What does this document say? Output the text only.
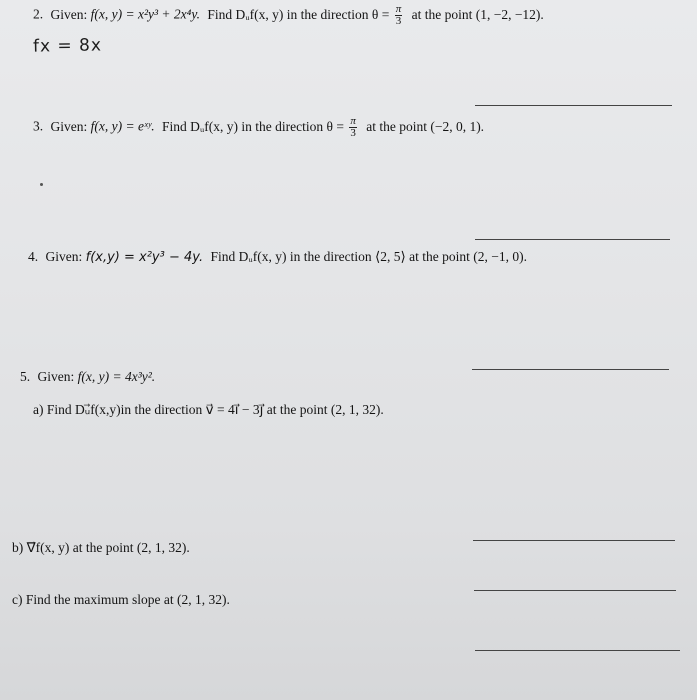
2. Given: f(x, y) = x²y³ + 2x⁴y. Find Dᵤf(x, y) in the direction $\theta = \frac{\pi}{3}$ at the point (1, −2, −12).
fx = 8x
3. Given: f(x, y) = eˣʸ. Find Dᵤf(x, y) in the direction $\theta = \frac{\pi}{3}$ at the point (−2, 0, 1).
4. Given: f(x,y) = x²y³ − 4y. Find Dᵤf(x, y) in the direction ⟨2, 5⟩ at the point (2, −1, 0).
5. Given: f(x, y) = 4x³y².
a) Find Dᵤ⃗f(x,y)in the direction v⃗ = 4i⃗ − 3j⃗ at the point (2, 1, 32).
b) ∇⃗f(x, y) at the point (2, 1, 32).
c) Find the maximum slope at (2, 1, 32).
